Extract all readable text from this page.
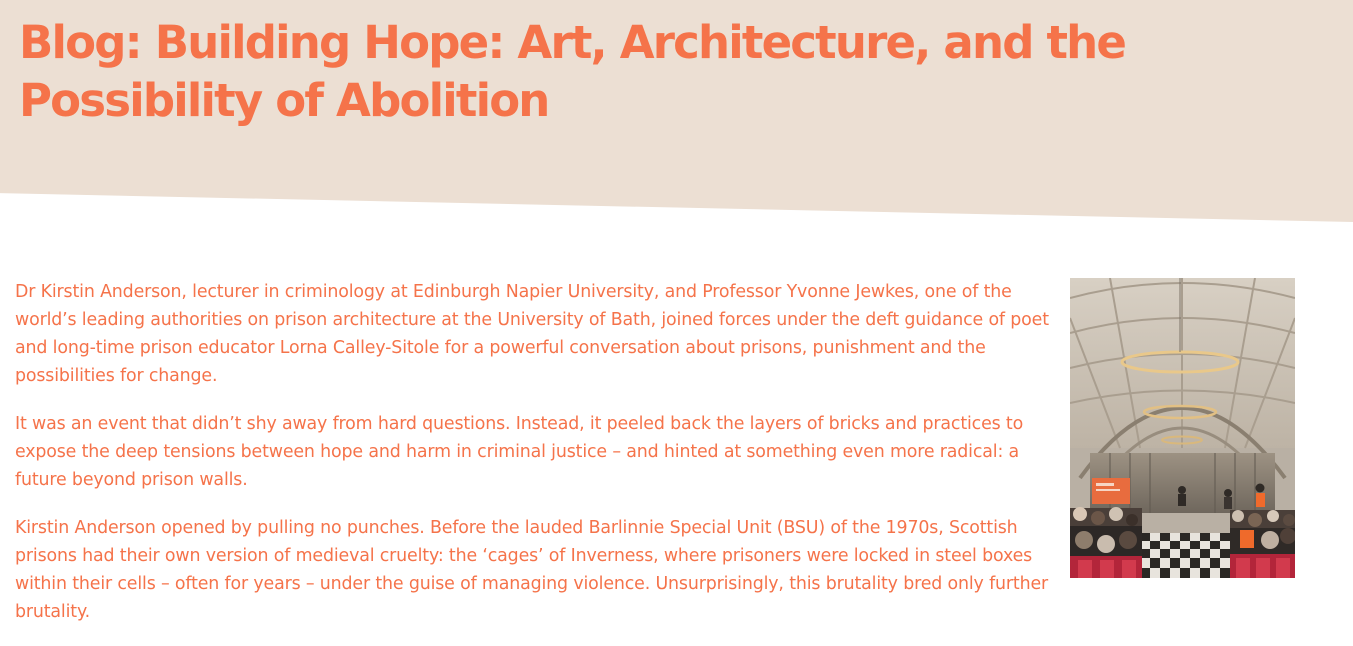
Blog: Building Hope: Art, Architecture, and the Possibility of Abolition

Dr Kirstin Anderson, lecturer in criminology at Edinburgh Napier University, and Professor Yvonne Jewkes, one of the world’s leading authorities on prison architecture at the University of Bath, joined forces under the deft guidance of poet and long-time prison educator Lorna Calley-Sitole for a powerful conversation about prisons, punishment and the possibilities for change.

It was an event that didn’t shy away from hard questions. Instead, it peeled back the layers of bricks and practices to expose the deep tensions between hope and harm in criminal justice – and hinted at something even more radical: a future beyond prison walls.

Kirstin Anderson opened by pulling no punches. Before the lauded Barlinnie Special Unit (BSU) of the 1970s, Scottish prisons had their own version of medieval cruelty: the ‘cages’ of Inverness, where prisoners were locked in steel boxes within their cells – often for years – under the guise of managing violence. Unsurprisingly, this brutality bred only further brutality.
